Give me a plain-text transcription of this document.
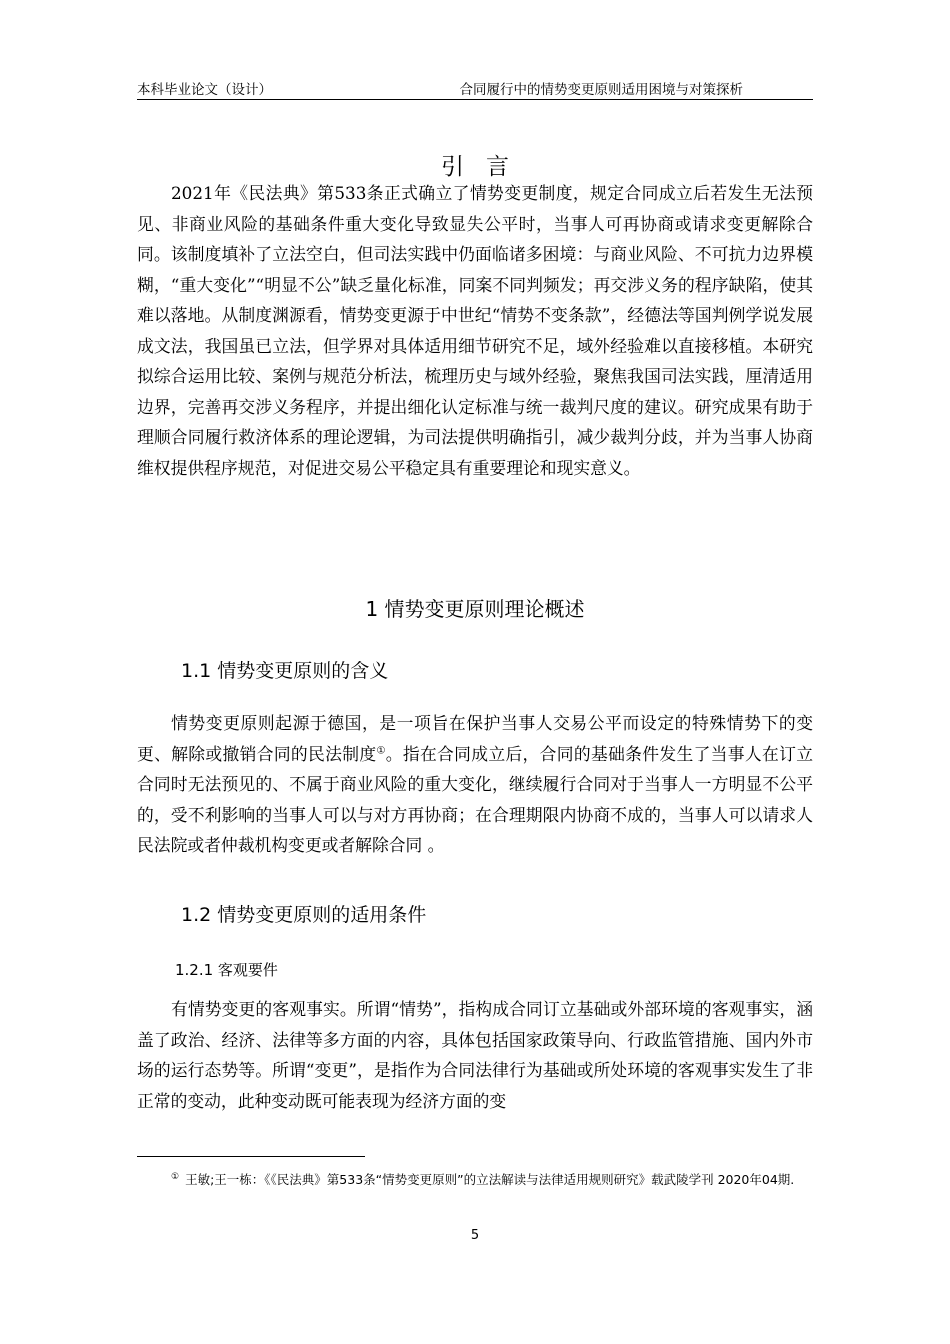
本科毕业论文（设计）	合同履行中的情势变更原则适用困境与对策探析
引言

2021年《民法典》第533条正式确立了情势变更制度，规定合同成立后若发生无法预见、非商业风险的基础条件重大变化导致显失公平时，当事人可再协商或请求变更解除合同。该制度填补了立法空白，但司法实践中仍面临诸多困境：与商业风险、不可抗力边界模糊，“重大变化”“明显不公”缺乏量化标准，同案不同判频发；再交涉义务的程序缺陷，使其难以落地。从制度渊源看，情势变更源于中世纪“情势不变条款”，经德法等国判例学说发展成文法，我国虽已立法，但学界对具体适用细节研究不足，域外经验难以直接移植。本研究拟综合运用比较、案例与规范分析法，梳理历史与域外经验，聚焦我国司法实践，厘清适用边界，完善再交涉义务程序，并提出细化认定标准与统一裁判尺度的建议。研究成果有助于理顺合同履行救济体系的理论逻辑，为司法提供明确指引，减少裁判分歧，并为当事人协商维权提供程序规范，对促进交易公平稳定具有重要理论和现实意义。

1 情势变更原则理论概述
1.1 情势变更原则的含义

情势变更原则起源于德国，是一项旨在保护当事人交易公平而设定的特殊情势下的变更、解除或撤销合同的民法制度①。指在合同成立后，合同的基础条件发生了当事人在订立合同时无法预见的、不属于商业风险的重大变化，继续履行合同对于当事人一方明显不公平的，受不利影响的当事人可以与对方再协商；在合理期限内协商不成的，当事人可以请求人民法院或者仲裁机构变更或者解除合同 。

1.2 情势变更原则的适用条件
1.2.1 客观要件

有情势变更的客观事实。所谓“情势”，指构成合同订立基础或外部环境的客观事实，涵盖了政治、经济、法律等多方面的内容，具体包括国家政策导向、行政监管措施、国内外市场的运行态势等。所谓“变更”，是指作为合同法律行为基础或所处环境的客观事实发生了非正常的变动，此种变动既可能表现为经济方面的变

① 王敏;王一栋：《《民法典》第533条“情势变更原则”的立法解读与法律适用规则研究》载武陵学刊 2020年04期.
5
